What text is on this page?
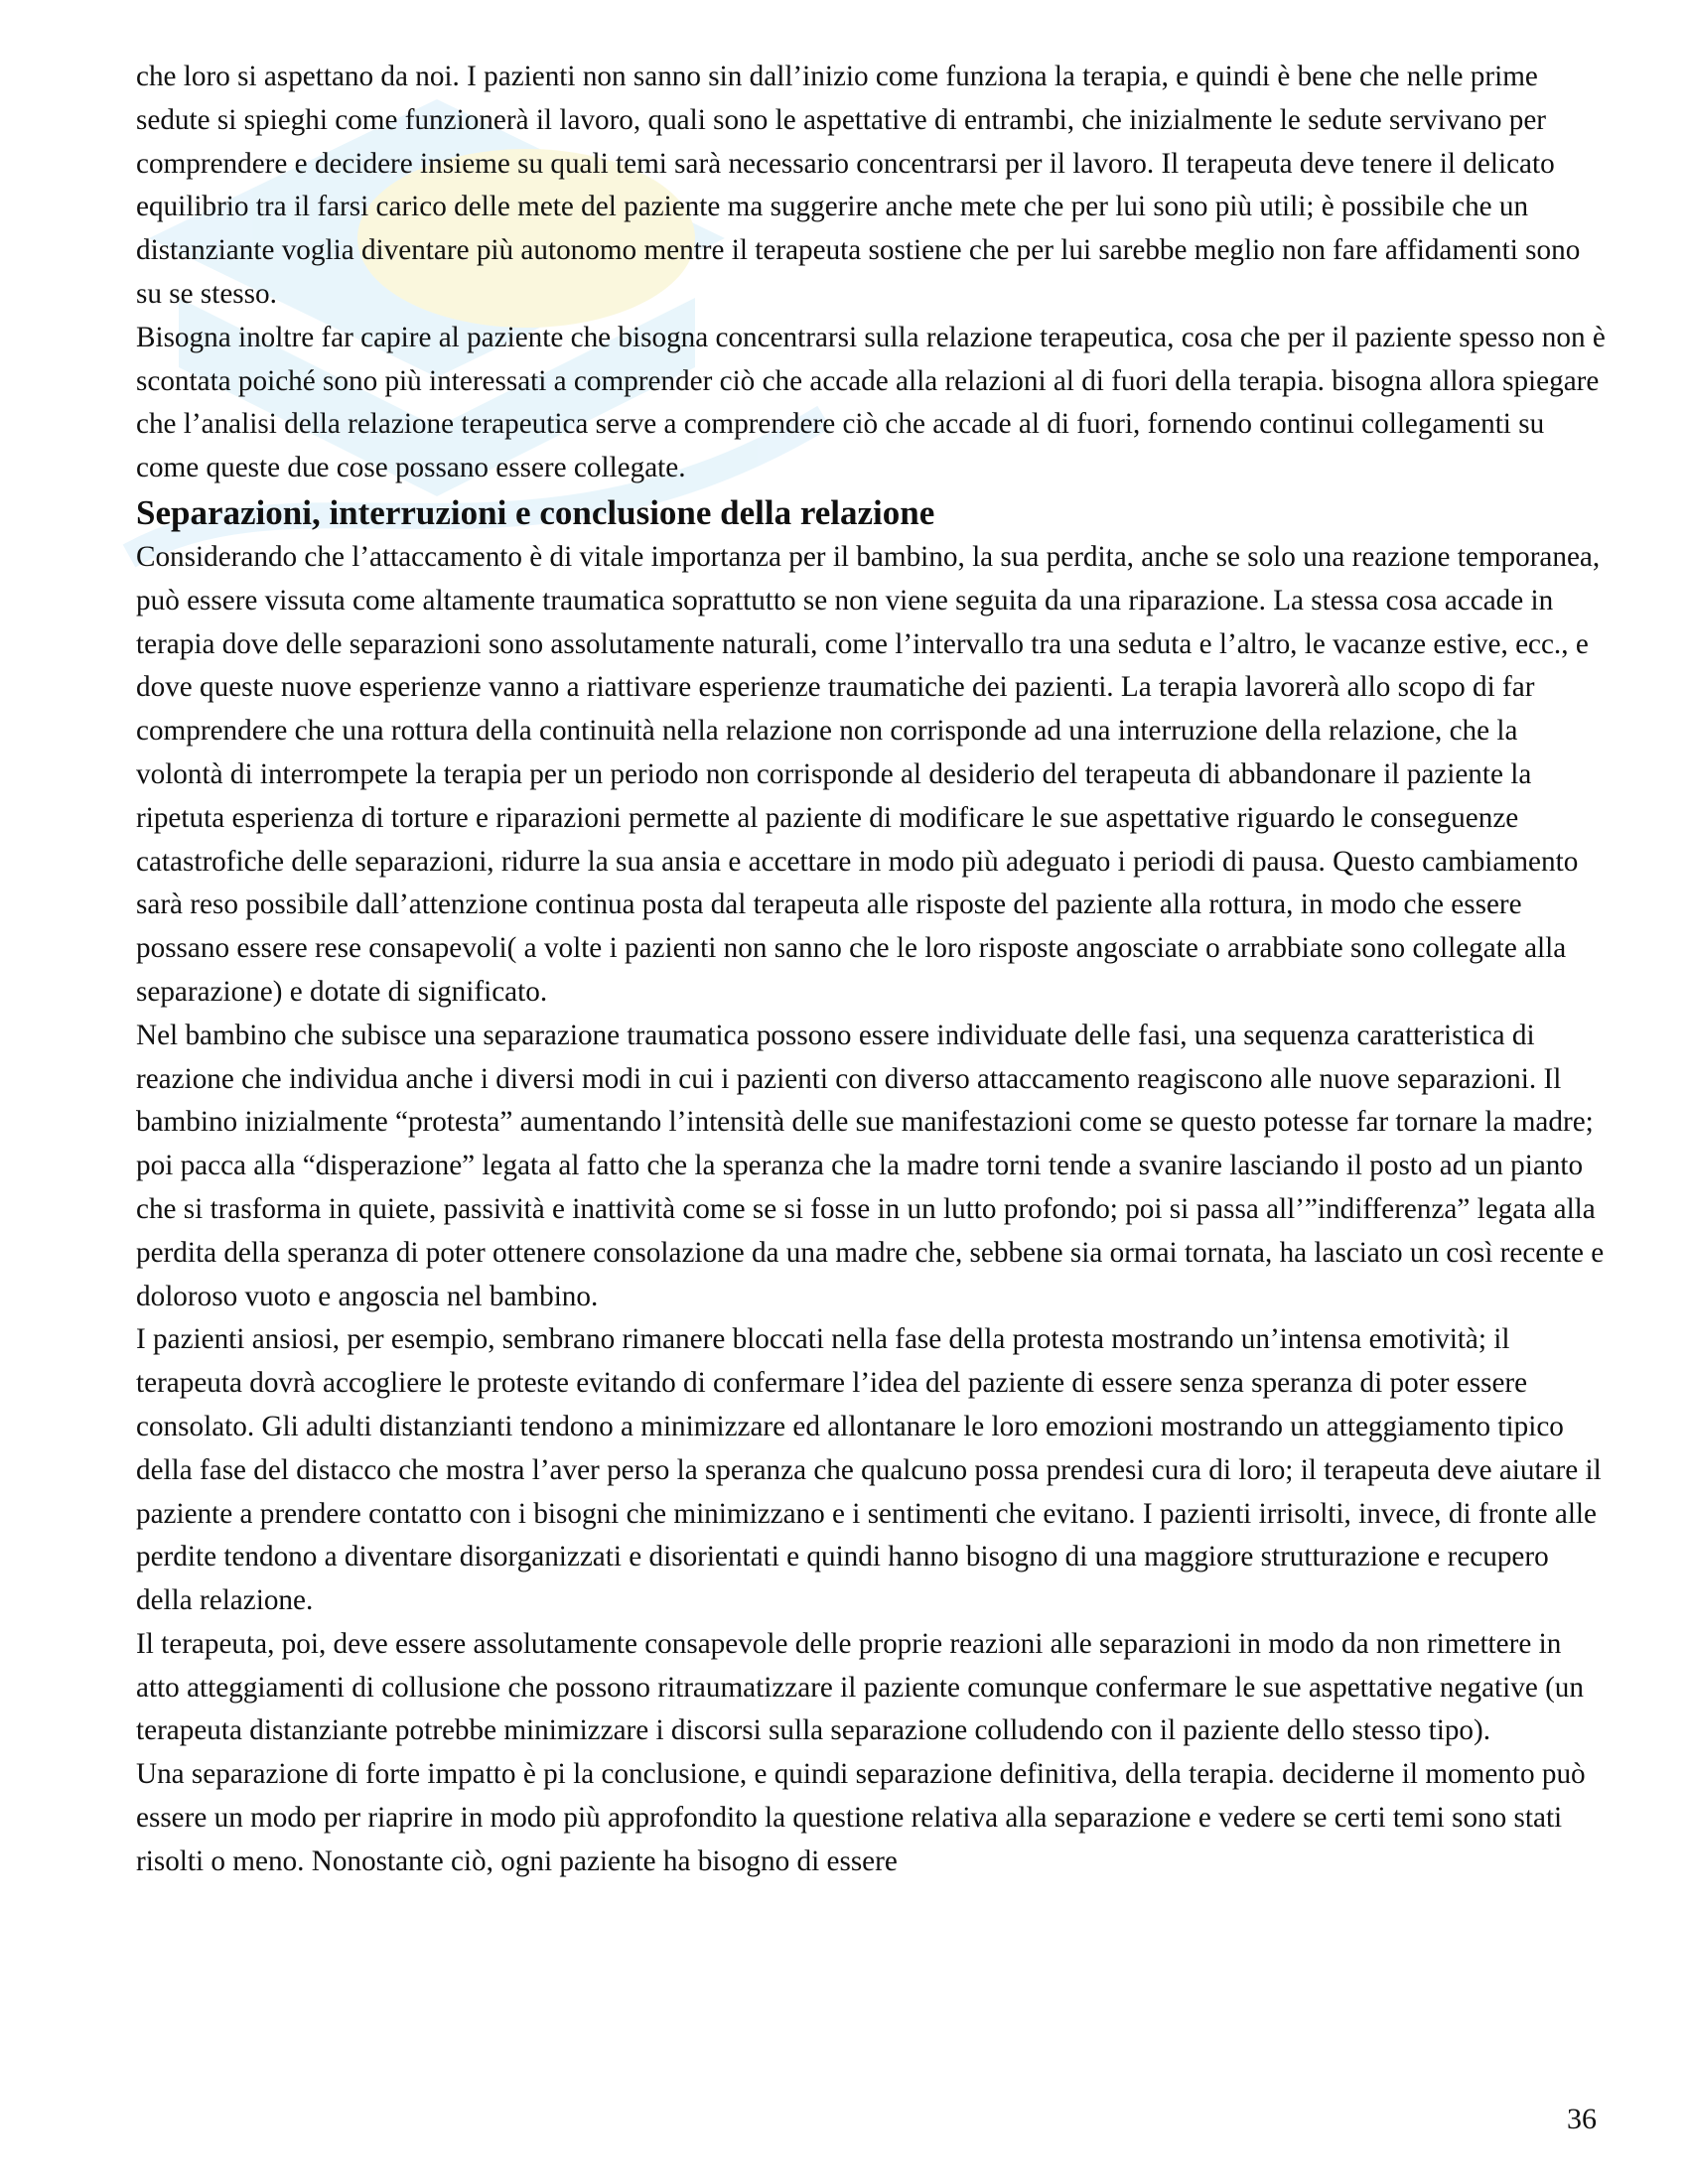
che loro si aspettano da noi. I pazienti non sanno sin dall’inizio come funziona la terapia, e quindi è bene che nelle prime sedute si spieghi come funzionerà il lavoro, quali sono le aspettative di entrambi, che inizialmente le sedute servivano per comprendere e decidere insieme su quali temi sarà necessario concentrarsi per il lavoro. Il terapeuta deve tenere il delicato equilibrio tra il farsi carico delle mete del paziente ma suggerire anche mete che per lui sono più utili; è possibile che un distanziante voglia diventare più autonomo mentre il terapeuta sostiene che per lui sarebbe meglio non fare affidamenti sono su se stesso.

Bisogna inoltre far capire al paziente che bisogna concentrarsi sulla relazione terapeutica, cosa che per il paziente spesso non è scontata poiché sono più interessati a comprender ciò che accade alla relazioni al di fuori della terapia. bisogna allora spiegare che l’analisi della relazione terapeutica serve a comprendere ciò che accade al di fuori, fornendo continui collegamenti su come queste due cose possano essere collegate.

Separazioni, interruzioni e conclusione della relazione

Considerando che l’attaccamento è di vitale importanza per il bambino, la sua perdita, anche se solo una reazione temporanea, può essere vissuta come altamente traumatica soprattutto se non viene seguita da una riparazione. La stessa cosa accade in terapia dove delle separazioni sono assolutamente naturali, come l’intervallo tra una seduta e l’altro, le vacanze estive, ecc., e dove queste nuove esperienze vanno a riattivare esperienze traumatiche dei pazienti. La terapia lavorerà allo scopo di far comprendere che una rottura della continuità nella relazione non corrisponde ad una interruzione della relazione, che la volontà di interrompete la terapia per un periodo non corrisponde al desiderio del terapeuta di abbandonare il paziente la ripetuta esperienza di torture e riparazioni permette al paziente di modificare le sue aspettative riguardo le conseguenze catastrofiche delle separazioni, ridurre la sua ansia e accettare in modo più adeguato i periodi di pausa. Questo cambiamento sarà reso possibile dall’attenzione continua posta dal terapeuta alle risposte del paziente alla rottura, in modo che essere possano essere rese consapevoli( a volte i pazienti non sanno che le loro risposte angosciate o arrabbiate sono collegate alla separazione) e dotate di significato.

Nel bambino che subisce una separazione traumatica possono essere individuate delle fasi, una sequenza caratteristica di reazione che individua anche i diversi modi in cui i pazienti con diverso attaccamento reagiscono alle nuove separazioni. Il bambino inizialmente “protesta” aumentando l’intensità delle sue manifestazioni come se questo potesse far tornare la madre; poi pacca alla “disperazione” legata al fatto che la speranza che la madre torni tende a svanire lasciando il posto ad un pianto che si trasforma in quiete, passività e inattività come se si fosse in un lutto profondo; poi si passa all’”indifferenza” legata alla perdita della speranza di poter ottenere consolazione da una madre che, sebbene sia ormai tornata, ha lasciato un così recente e doloroso vuoto e angoscia nel bambino.

I pazienti ansiosi, per esempio, sembrano rimanere bloccati nella fase della protesta mostrando un’intensa emotività; il terapeuta dovrà accogliere le proteste evitando di confermare l’idea del paziente di essere senza speranza di poter essere consolato. Gli adulti distanzianti tendono a minimizzare ed allontanare le loro emozioni mostrando un atteggiamento tipico della fase del distacco che mostra l’aver perso la speranza che qualcuno possa prendesi cura di loro; il terapeuta deve aiutare il paziente a prendere contatto con i bisogni che minimizzano e i sentimenti che evitano. I pazienti irrisolti, invece, di fronte alle perdite tendono a diventare disorganizzati e disorientati e quindi hanno bisogno di una maggiore strutturazione e recupero della relazione.

Il terapeuta, poi, deve essere assolutamente consapevole delle proprie reazioni alle separazioni in modo da non rimettere in atto atteggiamenti di collusione che possono ritraumatizzare il paziente comunque confermare le sue aspettative negative (un terapeuta distanziante potrebbe minimizzare i discorsi sulla separazione colludendo con il paziente dello stesso tipo).

Una separazione di forte impatto è pi la conclusione, e quindi separazione definitiva, della terapia. deciderne il momento può essere un modo per riaprire in modo più approfondito la questione relativa alla separazione e vedere se certi temi sono stati risolti o meno. Nonostante ciò, ogni paziente ha bisogno di essere

36
